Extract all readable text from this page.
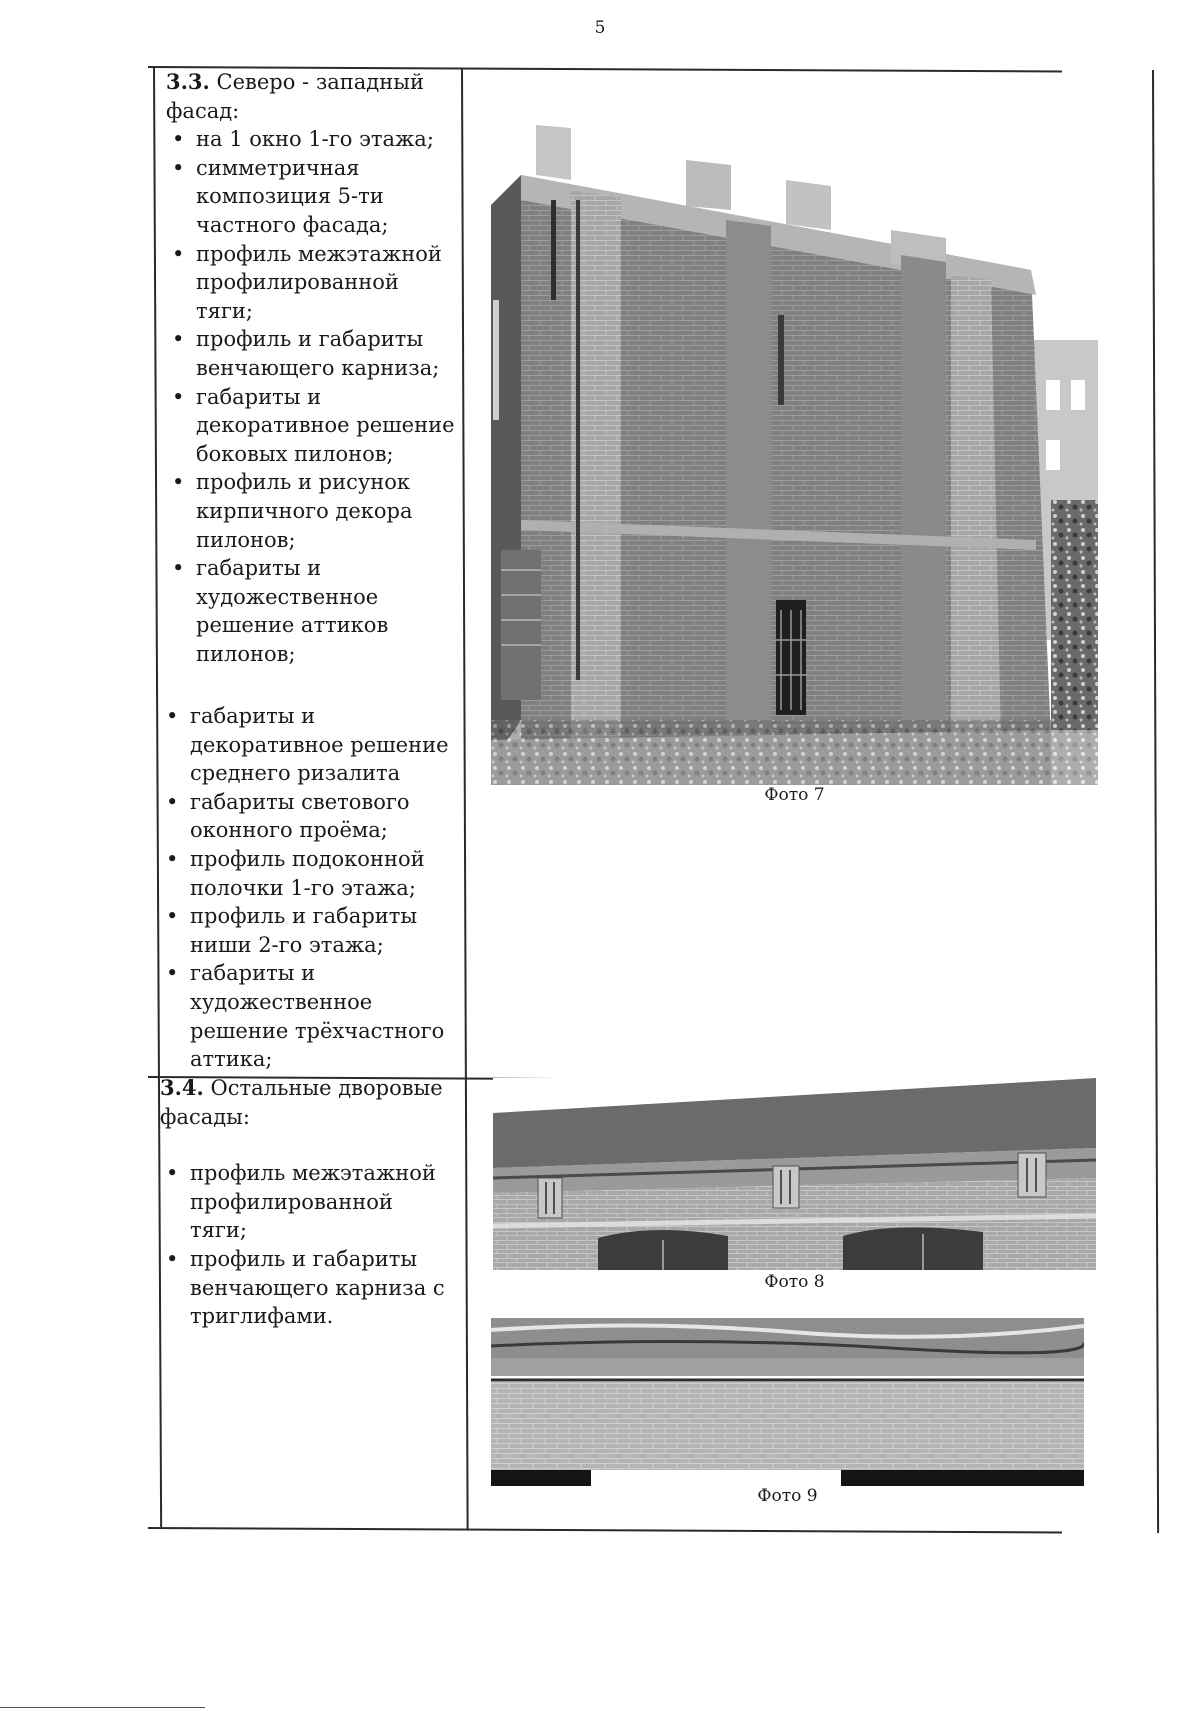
5

3.3. Северо - западный фасад:

• на 1 окно 1-го этажа;
• симметричная композиция 5-ти частного фасада;
• профиль межэтажной профилированной тяги;
• профиль и габариты венчающего карниза;
• габариты и декоративное решение боковых пилонов;
• профиль и рисунок кирпичного декора пилонов;
• габариты и художественное решение аттиков пилонов;
• габариты и декоративное решение среднего ризалита
• габариты светового оконного проёма;
• профиль подоконной полочки 1-го этажа;
• профиль и габариты ниши 2-го этажа;
• габариты и художественное решение трёхчастного аттика;
Фото 7

3.4. Остальные дворовые фасады:

• профиль межэтажной профилированной тяги;
• профиль и габариты венчающего карниза с триглифами.
Фото 8
Фото 9
